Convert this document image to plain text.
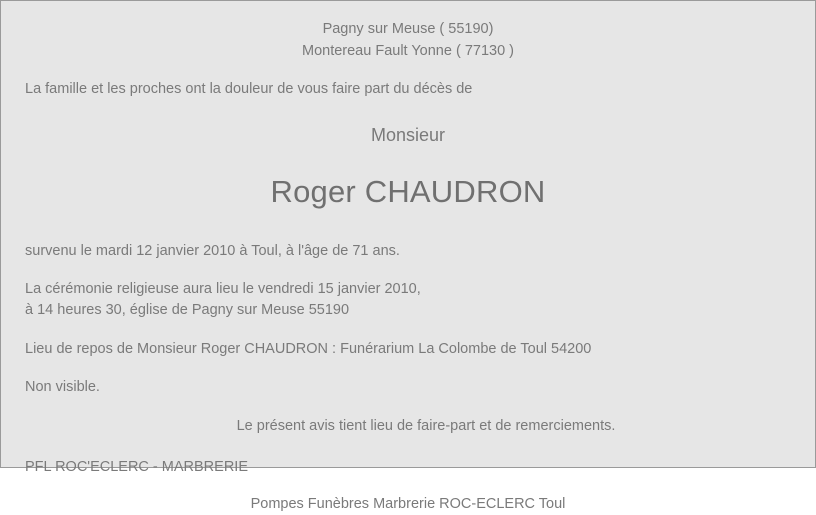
Pagny sur Meuse ( 55190)
Montereau Fault Yonne ( 77130 )
La famille et les proches ont la douleur de vous faire part du décès de
Monsieur
Roger CHAUDRON
survenu le mardi 12 janvier 2010 à Toul, à l'âge de 71 ans.
La cérémonie religieuse aura lieu le vendredi 15 janvier 2010,
à 14 heures 30, église de Pagny sur Meuse 55190
Lieu de repos de Monsieur Roger CHAUDRON : Funérarium La Colombe de Toul 54200
Non visible.
Le présent avis tient lieu de faire-part et de remerciements.
PFL ROC'ECLERC - MARBRERIE
Pompes Funèbres Marbrerie ROC-ECLERC Toul
